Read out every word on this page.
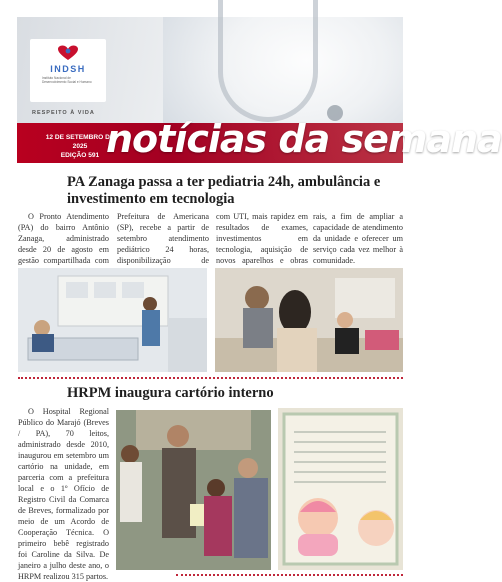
INDSH
Instituto Nacional de Desenvolvimento Social e Humano
RESPEITO À VIDA
12 DE SETEMBRO DE 2025
EDIÇÃO 591 notícias da semana
PA Zanaga passa a ter pediatria 24h, ambulância e investimento em tecnologia
O Pronto Atendimento (PA) do bairro Antônio Zanaga, administrado desde 20 de agosto em gestão compartilhada com
Prefeitura de Americana (SP), recebe a partir de setembro atendimento pediátrico 24 horas, disponibilização de
com UTI, mais rapidez em resultados de exames, investimentos em tecnologia, aquisição de novos aparelhos e obras
rais, a fim de ampliar a capacidade de atendimento da unidade e oferecer um serviço cada vez melhor à comunidade.
HRPM inaugura cartório interno
O Hospital Regional Público do Marajó (Breves / PA), 70 leitos, administrado desde 2010, inaugurou em setembro um cartório na unidade, em parceria com a prefeitura local e o 1º Ofício de Registro Civil da Comarca de Breves, formalizado por meio de um Acordo de Cooperação Técnica. O primeiro bebê registrado foi Caroline da Silva. De janeiro a julho deste ano, o HRPM realizou 315 partos.
